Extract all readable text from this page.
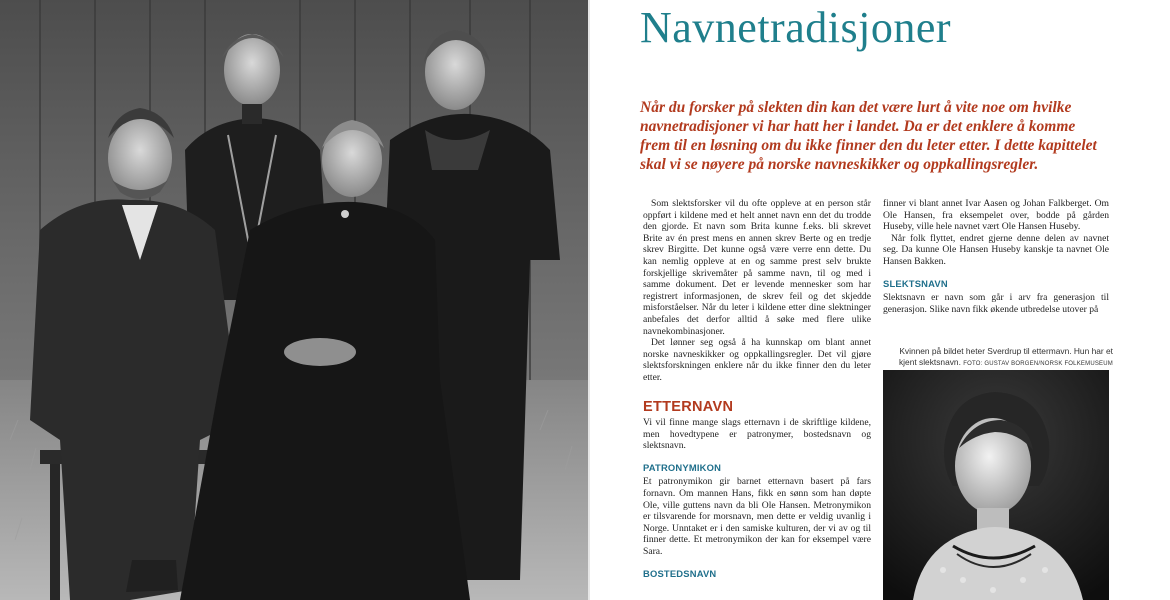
Navnetradisjoner

Når du forsker på slekten din kan det være lurt å vite noe om hvilke navnetradisjoner vi har hatt her i landet. Da er det enklere å komme frem til en løsning om du ikke finner den du leter etter. I dette kapittelet skal vi se nøyere på norske navneskikker og oppkallingsregler.

Som slektsforsker vil du ofte oppleve at en person står oppført i kildene med et helt annet navn enn det du trodde den gjorde. Et navn som Brita kunne f.eks. bli skrevet Brite av én prest mens en annen skrev Berte og en tredje skrev Birgitte. Det kunne også være verre enn dette. Du kan nemlig oppleve at en og samme prest selv brukte forskjellige skrivemåter på samme navn, til og med i samme dokument. Det er levende mennesker som har registrert informasjonen, de skrev feil og det skjedde misforståelser. Når du leter i kildene etter dine slektninger anbefales det derfor alltid å søke med flere ulike navnekombinasjoner.

Det lønner seg også å ha kunnskap om blant annet norske navneskikker og oppkallingsregler. Det vil gjøre slektsforskningen enklere når du ikke finner den du leter etter.

ETTERNAVN

Vi vil finne mange slags etternavn i de skriftlige kildene, men hovedtypene er patronymer, bostedsnavn og slektsnavn.

PATRONYMIKON

Et patronymikon gir barnet etternavn basert på fars fornavn. Om mannen Hans, fikk en sønn som han døpte Ole, ville guttens navn da bli Ole Hansen. Metronymikon er tilsvarende for morsnavn, men dette er veldig uvanlig i Norge. Unntaket er i den samiske kulturen, der vi av og til finner dette. Et metronymikon der kan for eksempel være Sara.

BOSTEDSNAVN

finner vi blant annet Ivar Aasen og Johan Falkberget. Om Ole Hansen, fra eksempelet over, bodde på gården Huseby, ville hele navnet vært Ole Hansen Huseby.

Når folk flyttet, endret gjerne denne delen av navnet seg. Da kunne Ole Hansen Huseby kanskje ta navnet Ole Hansen Bakken.

SLEKTSNAVN

Slektsnavn er navn som går i arv fra generasjon til generasjon. Slike navn fikk økende utbredelse utover på

Kvinnen på bildet heter Sverdrup til ettermavn. Hun har et kjent slektsnavn. FOTO: GUSTAV BORGEN/NORSK FOLKEMUSEUM
